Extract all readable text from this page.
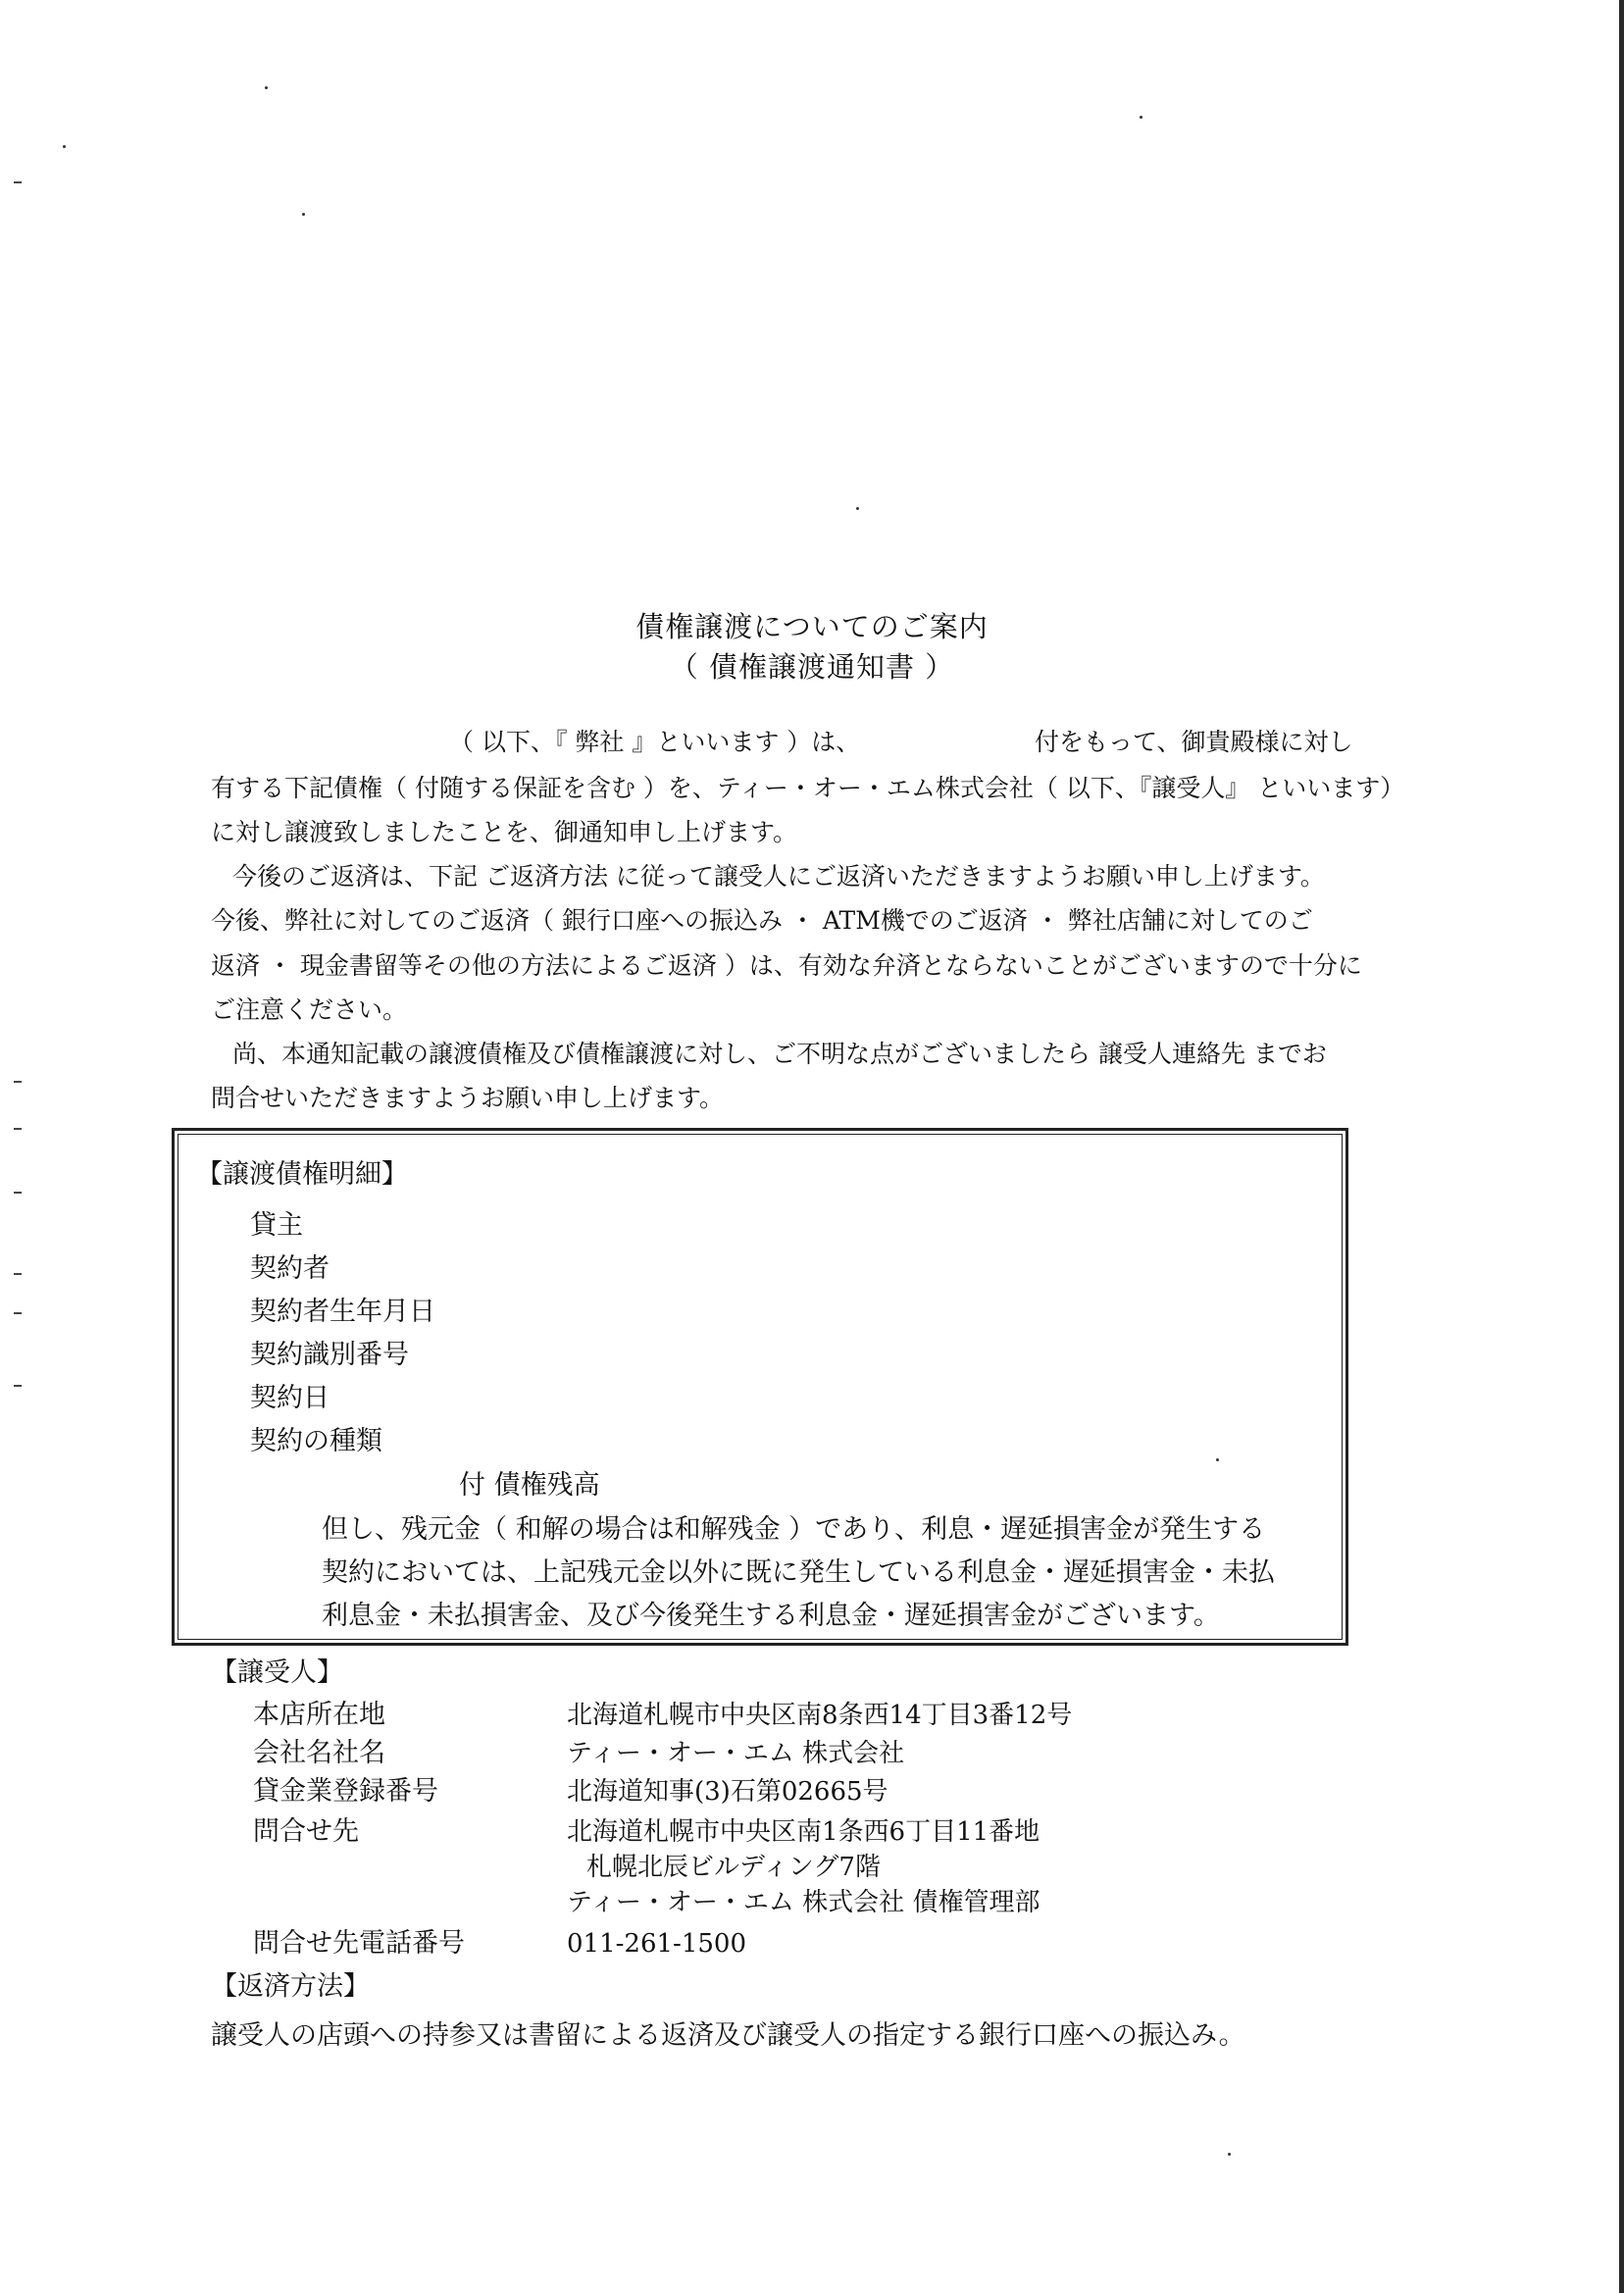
債権譲渡についてのご案内
（ 債権譲渡通知書 ）
（ 以下、『 弊社 』といいます ）は、	付をもって、御貴殿様に対し
有する下記債権（ 付随する保証を含む ）を、ティー・オー・エム株式会社（ 以下、『譲受人』 といいます）
に対し譲渡致しましたことを、御通知申し上げます。
今後のご返済は、下記 ご返済方法 に従って譲受人にご返済いただきますようお願い申し上げます。
今後、弊社に対してのご返済（ 銀行口座への振込み ・ ATM機でのご返済 ・ 弊社店舗に対してのご
返済 ・ 現金書留等その他の方法によるご返済 ）は、有効な弁済とならないことがございますので十分に
ご注意ください。
尚、本通知記載の譲渡債権及び債権譲渡に対し、ご不明な点がございましたら 譲受人連絡先 までお
問合せいただきますようお願い申し上げます。
【譲渡債権明細】
貸主
契約者
契約者生年月日
契約識別番号
契約日
契約の種類
付 債権残高
但し、残元金（ 和解の場合は和解残金 ）であり、利息・遅延損害金が発生する
契約においては、上記残元金以外に既に発生している利息金・遅延損害金・未払
利息金・未払損害金、及び今後発生する利息金・遅延損害金がございます。
【譲受人】
本店所在地	北海道札幌市中央区南8条西14丁目3番12号
会社名社名	ティー・オー・エム 株式会社
貸金業登録番号	北海道知事(3)石第02665号
問合せ先	北海道札幌市中央区南1条西6丁目11番地
札幌北辰ビルディング7階
ティー・オー・エム 株式会社 債権管理部
問合せ先電話番号	011-261-1500
【返済方法】
譲受人の店頭への持参又は書留による返済及び譲受人の指定する銀行口座への振込み。
